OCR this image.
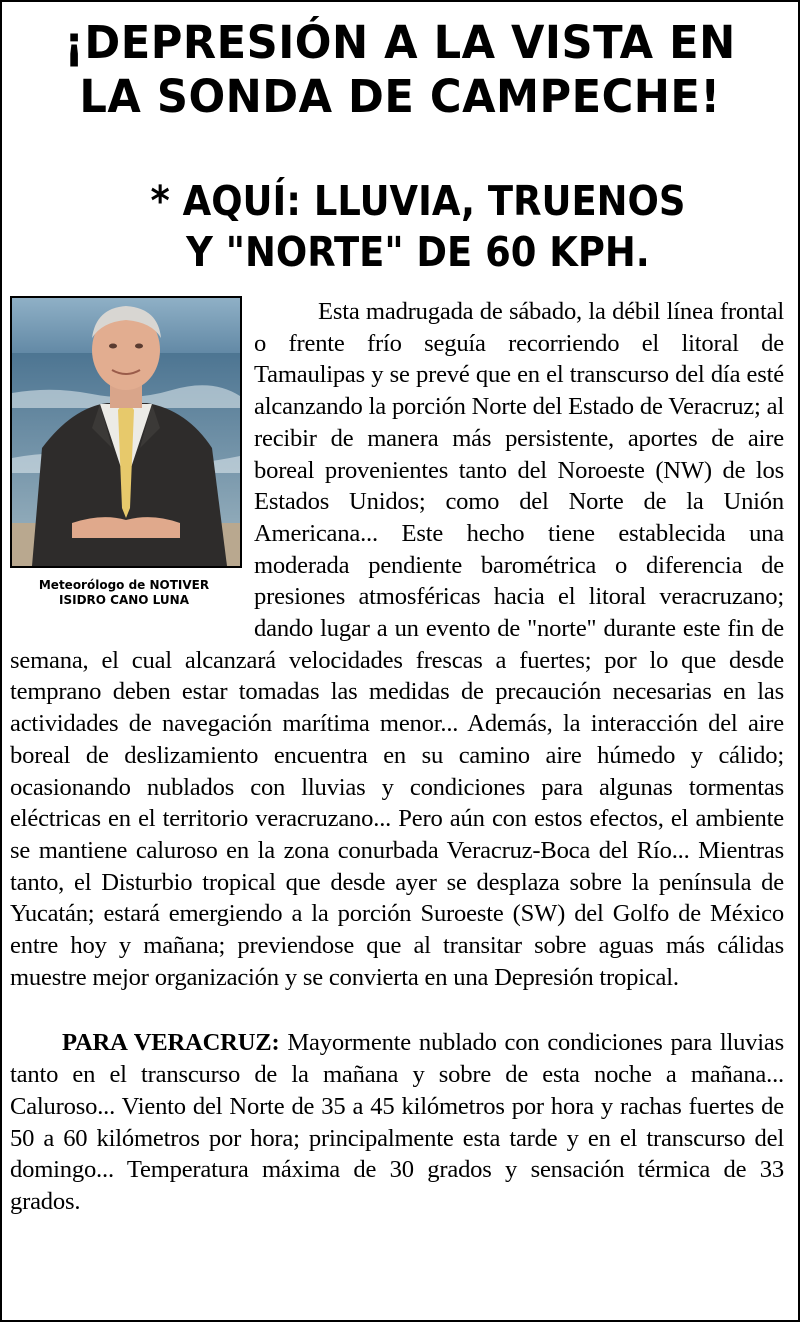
¡DEPRESIÓN A LA VISTA EN
LA SONDA DE CAMPECHE!
* AQUÍ: LLUVIA, TRUENOS
Y "NORTE" DE 60 KPH.
Meteorólogo de NOTIVER
ISIDRO CANO LUNA

Esta madrugada de sábado, la débil línea frontal o frente frío seguía recorriendo el litoral de Tamaulipas y se prevé que en el transcurso del día esté alcanzando la porción Norte del Estado de Veracruz; al recibir de manera más persistente, aportes de aire boreal provenientes tanto del Noroeste (NW) de los Estados Unidos; como del Norte de la Unión Americana... Este hecho tiene establecida una moderada pendiente barométrica o diferencia de presiones atmosféricas hacia el litoral veracruzano; dando lugar a un evento de "norte" durante este fin de semana, el cual alcanzará velocidades frescas a fuertes; por lo que desde temprano deben estar tomadas las medidas de precaución necesarias en las actividades de navegación marítima menor... Además, la interacción del aire boreal de deslizamiento encuentra en su camino aire húmedo y cálido; ocasionando nublados con lluvias y condiciones para algunas tormentas eléctricas en el territorio veracruzano... Pero aún con estos efectos, el ambiente se mantiene caluroso en la zona conurbada Veracruz-Boca del Río... Mientras tanto, el Disturbio tropical que desde ayer se desplaza sobre la península de Yucatán; estará emergiendo a la porción Suroeste (SW) del Golfo de México entre hoy y mañana; previendose que al transitar sobre aguas más cálidas muestre mejor organización y se convierta en una Depresión tropical.

PARA VERACRUZ: Mayormente nublado con condiciones para lluvias tanto en el transcurso de la mañana y sobre de esta noche a mañana... Caluroso... Viento del Norte de 35 a 45 kilómetros por hora y rachas fuertes de 50 a 60 kilómetros por hora; principalmente esta tarde y en el transcurso del domingo... Temperatura máxima de 30 grados y sensación térmica de 33 grados.
